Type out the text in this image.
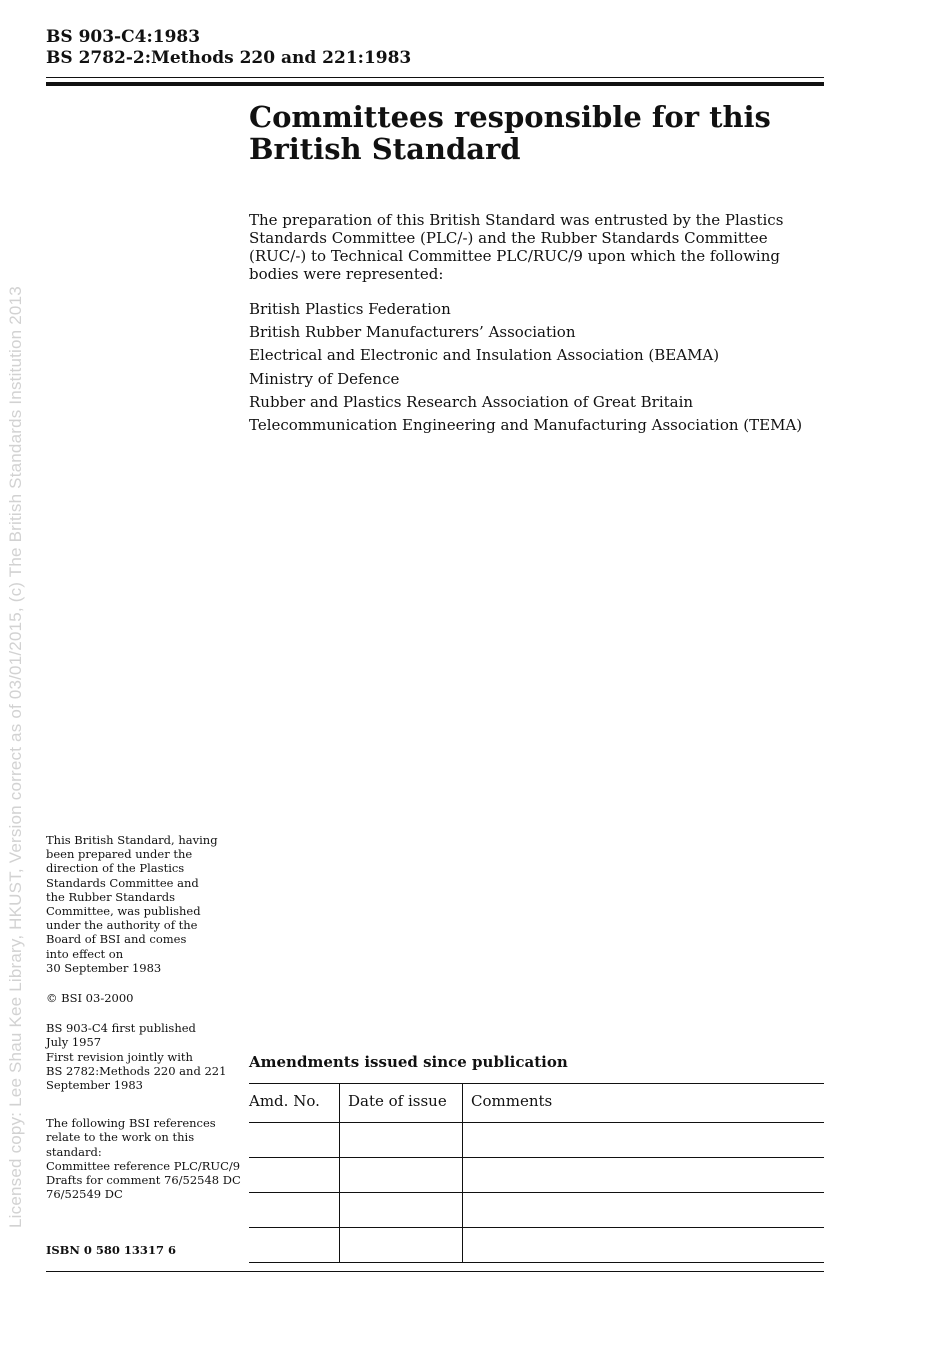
BS 903-C4:1983
BS 2782-2:Methods 220 and 221:1983
Licensed copy: Lee Shau Kee Library, HKUST, Version correct as of 03/01/2015, (c) The British Standards Institution 2013
Committees responsible for this
British Standard

The preparation of this British Standard was entrusted by the Plastics Standards Committee (PLC/-) and the Rubber Standards Committee (RUC/-) to Technical Committee PLC/RUC/9 upon which the following bodies were represented:

British Plastics Federation
British Rubber Manufacturers’ Association
Electrical and Electronic and Insulation Association (BEAMA)
Ministry of Defence
Rubber and Plastics Research Association of Great Britain
Telecommunication Engineering and Manufacturing Association (TEMA)

This British Standard, having
been prepared under the
direction of the Plastics
Standards Committee and
the Rubber Standards
Committee, was published
under the authority of the
Board of BSI and comes
into effect on
30 September 1983

© BSI 03-2000

BS 903-C4 first published
July 1957
First revision jointly with
BS 2782:Methods 220 and 221
September 1983

The following BSI references
relate to the work on this
standard:
Committee reference PLC/RUC/9
Drafts for comment 76/52548 DC
76/52549 DC

ISBN 0 580 13317 6
Amendments issued since publication
Amd. No.	Date of issue	Comments
